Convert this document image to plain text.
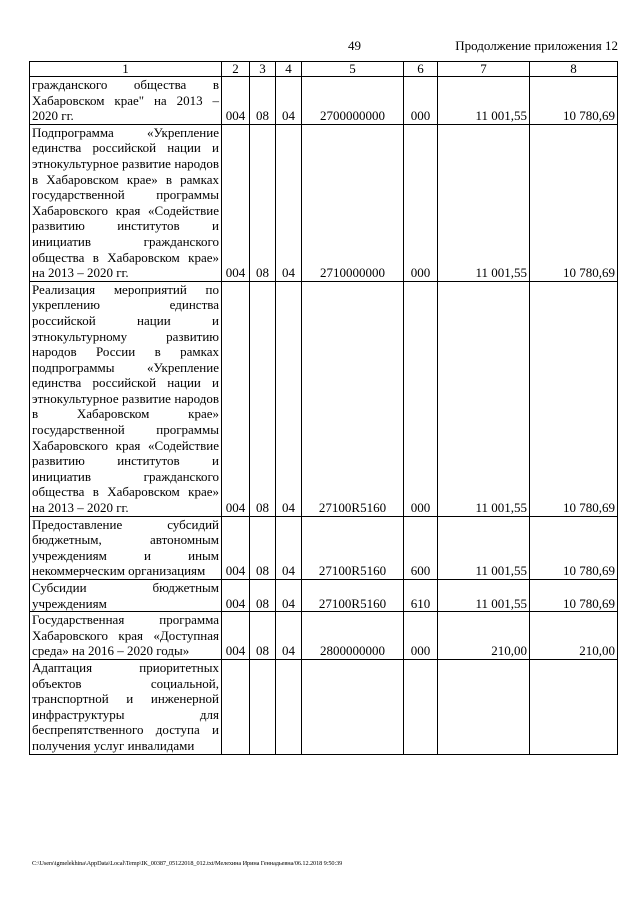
49	Продолжение приложения 12
1	2	3	4	5	6	7	8
гражданского общества в Хабаровском крае" на 2013 – 2020 гг.	004	08	04	2700000000	000	11 001,55	10 780,69
Подпрограмма «Укрепление единства российской нации и этнокультурное развитие народов в Хабаровском крае» в рамках государственной программы Хабаровского края «Содействие развитию институтов и инициатив гражданского общества в Хабаровском крае» на 2013 – 2020 гг.	004	08	04	2710000000	000	11 001,55	10 780,69
Реализация мероприятий по укреплению единства российской нации и этнокультурному развитию народов России в рамках подпрограммы «Укрепление единства российской нации и этнокультурное развитие народов в Хабаровском крае» государственной программы Хабаровского края «Содействие развитию институтов и инициатив гражданского общества в Хабаровском крае» на 2013 – 2020 гг.	004	08	04	27100R5160	000	11 001,55	10 780,69
Предоставление субсидий бюджетным, автономным учреждениям и иным некоммерческим организациям	004	08	04	27100R5160	600	11 001,55	10 780,69
Субсидии бюджетным учреждениям	004	08	04	27100R5160	610	11 001,55	10 780,69
Государственная программа Хабаровского края «Доступная среда» на 2016 – 2020 годы»	004	08	04	2800000000	000	210,00	210,00
Адаптация приоритетных объектов социальной, транспортной и инженерной инфраструктуры для беспрепятственного доступа и получения услуг инвалидами							
C:\Users\igmelekhina\AppData\Local\Temp\IK_00387_05122018_012.txt/Мелехина Ирина Геннадьевна/06.12.2018 9:50:39
